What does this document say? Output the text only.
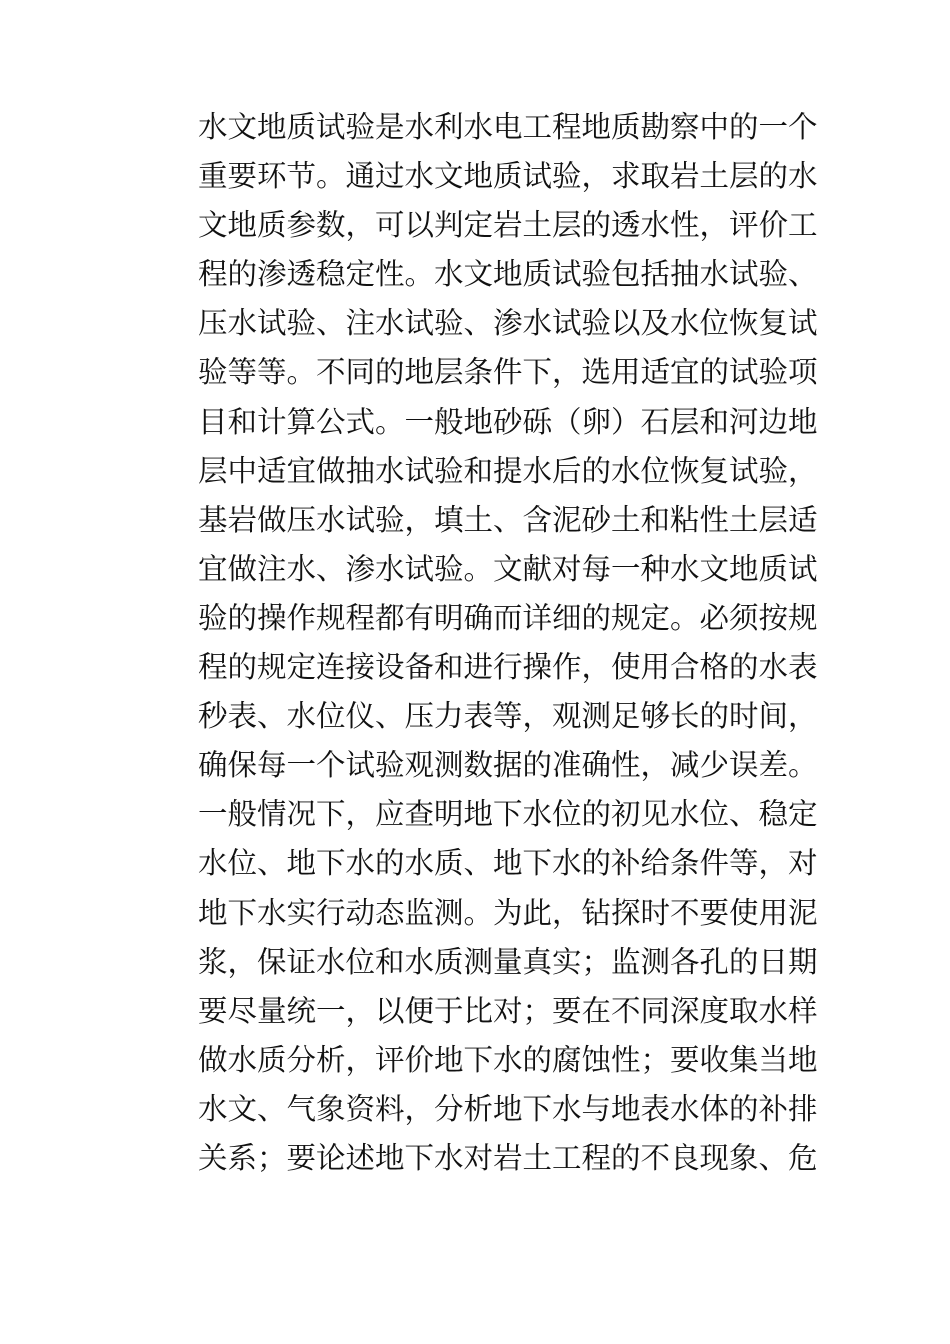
水文地质试验是水利水电工程地质勘察中的一个
重要环节。通过水文地质试验，求取岩土层的水
文地质参数，可以判定岩土层的透水性，评价工
程的渗透稳定性。水文地质试验包括抽水试验、
压水试验、注水试验、渗水试验以及水位恢复试
验等等。不同的地层条件下，选用适宜的试验项
目和计算公式。一般地砂砾（卵）石层和河边地
层中适宜做抽水试验和提水后的水位恢复试验，
基岩做压水试验，填土、含泥砂土和粘性土层适
宜做注水、渗水试验。文献对每一种水文地质试
验的操作规程都有明确而详细的规定。必须按规
程的规定连接设备和进行操作，使用合格的水表
秒表、水位仪、压力表等，观测足够长的时间，
确保每一个试验观测数据的准确性，减少误差。
一般情况下，应查明地下水位的初见水位、稳定
水位、地下水的水质、地下水的补给条件等，对
地下水实行动态监测。为此，钻探时不要使用泥
浆，保证水位和水质测量真实；监测各孔的日期
要尽量统一，以便于比对；要在不同深度取水样
做水质分析，评价地下水的腐蚀性；要收集当地
水文、气象资料，分析地下水与地表水体的补排
关系；要论述地下水对岩土工程的不良现象、危
